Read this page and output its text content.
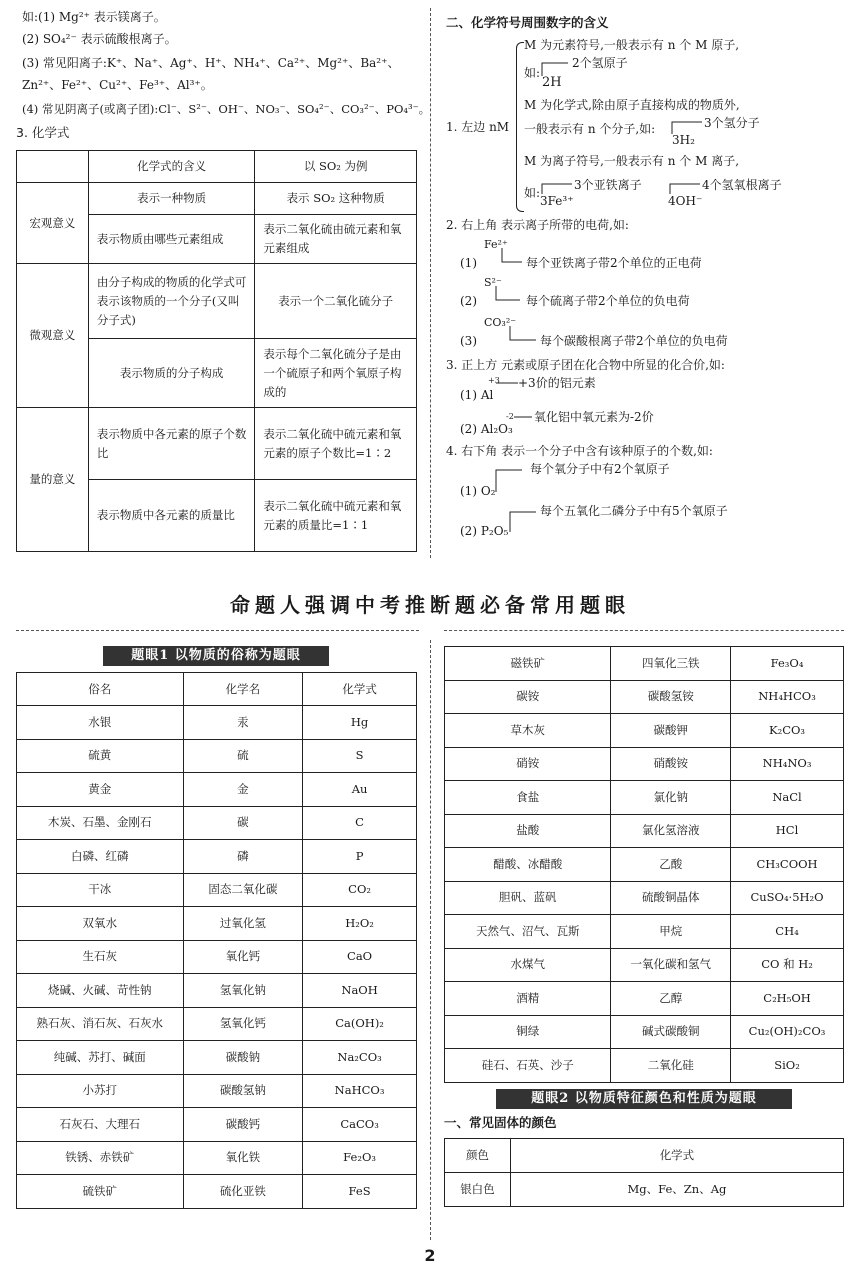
如:(1) Mg²⁺ 表示镁离子。
(2) SO₄²⁻ 表示硫酸根离子。
(3) 常见阳离子:K⁺、Na⁺、Ag⁺、H⁺、NH₄⁺、Ca²⁺、Mg²⁺、Ba²⁺、
Zn²⁺、Fe²⁺、Cu²⁺、Fe³⁺、Al³⁺。
(4) 常见阴离子(或离子团):Cl⁻、S²⁻、OH⁻、NO₃⁻、SO₄²⁻、CO₃²⁻、PO₄³⁻。
3. 化学式
	化学式的含义	以 SO₂ 为例
宏观意义	表示一种物质	表示 SO₂ 这种物质
	表示物质由哪些元素组成	表示二氧化硫由硫元素和氧元素组成
微观意义	由分子构成的物质的化学式可表示该物质的一个分子(又叫分子式)	表示一个二氧化硫分子
	表示物质的分子构成	表示每个二氧化硫分子是由一个硫原子和两个氧原子构成的
量的意义	表示物质中各元素的原子个数比	表示二氧化硫中硫元素和氧元素的原子个数比=1∶2
	表示物质中各元素的质量比	表示二氧化硫中硫元素和氧元素的质量比=1∶1
二、化学符号周围数字的含义
1. 左边 nM
M 为元素符号,一般表示有 n 个 M 原子,
如:
2H
2个氢原子
M 为化学式,除由原子直接构成的物质外,
一般表示有 n 个分子,如:
3H₂
3个氢分子
M 为离子符号,一般表示有 n 个 M 离子,
如:
3Fe³⁺
3个亚铁离子
4OH⁻
4个氢氧根离子
2. 右上角 表示离子所带的电荷,如:
Fe²⁺
(1)	每个亚铁离子带2个单位的正电荷
S²⁻
(2)	每个硫离子带2个单位的负电荷
CO₃²⁻
(3)	每个碳酸根离子带2个单位的负电荷
3. 正上方 元素或原子团在化合物中所显的化合价,如:
+3
(1) Al
+3价的铝元素
-2
(2) Al₂O₃
氧化铝中氧元素为-2价
4. 右下角 表示一个分子中含有该种原子的个数,如:
(1) O₂
每个氧分子中有2个氧原子
(2) P₂O₅
每个五氧化二磷分子中有5个氧原子
命题人强调中考推断题必备常用题眼
题眼1 以物质的俗称为题眼
俗名	化学名	化学式
水银	汞	Hg
硫黄	硫	S
黄金	金	Au
木炭、石墨、金刚石	碳	C
白磷、红磷	磷	P
干冰	固态二氧化碳	CO₂
双氧水	过氧化氢	H₂O₂
生石灰	氧化钙	CaO
烧碱、火碱、苛性钠	氢氧化钠	NaOH
熟石灰、消石灰、石灰水	氢氧化钙	Ca(OH)₂
纯碱、苏打、碱面	碳酸钠	Na₂CO₃
小苏打	碳酸氢钠	NaHCO₃
石灰石、大理石	碳酸钙	CaCO₃
铁锈、赤铁矿	氧化铁	Fe₂O₃
硫铁矿	硫化亚铁	FeS
磁铁矿	四氧化三铁	Fe₃O₄
碳铵	碳酸氢铵	NH₄HCO₃
草木灰	碳酸钾	K₂CO₃
硝铵	硝酸铵	NH₄NO₃
食盐	氯化钠	NaCl
盐酸	氯化氢溶液	HCl
醋酸、冰醋酸	乙酸	CH₃COOH
胆矾、蓝矾	硫酸铜晶体	CuSO₄·5H₂O
天然气、沼气、瓦斯	甲烷	CH₄
水煤气	一氧化碳和氢气	CO 和 H₂
酒精	乙醇	C₂H₅OH
铜绿	碱式碳酸铜	Cu₂(OH)₂CO₃
硅石、石英、沙子	二氧化硅	SiO₂
题眼2 以物质特征颜色和性质为题眼
一、常见固体的颜色
颜色	化学式
银白色	Mg、Fe、Zn、Ag
2
